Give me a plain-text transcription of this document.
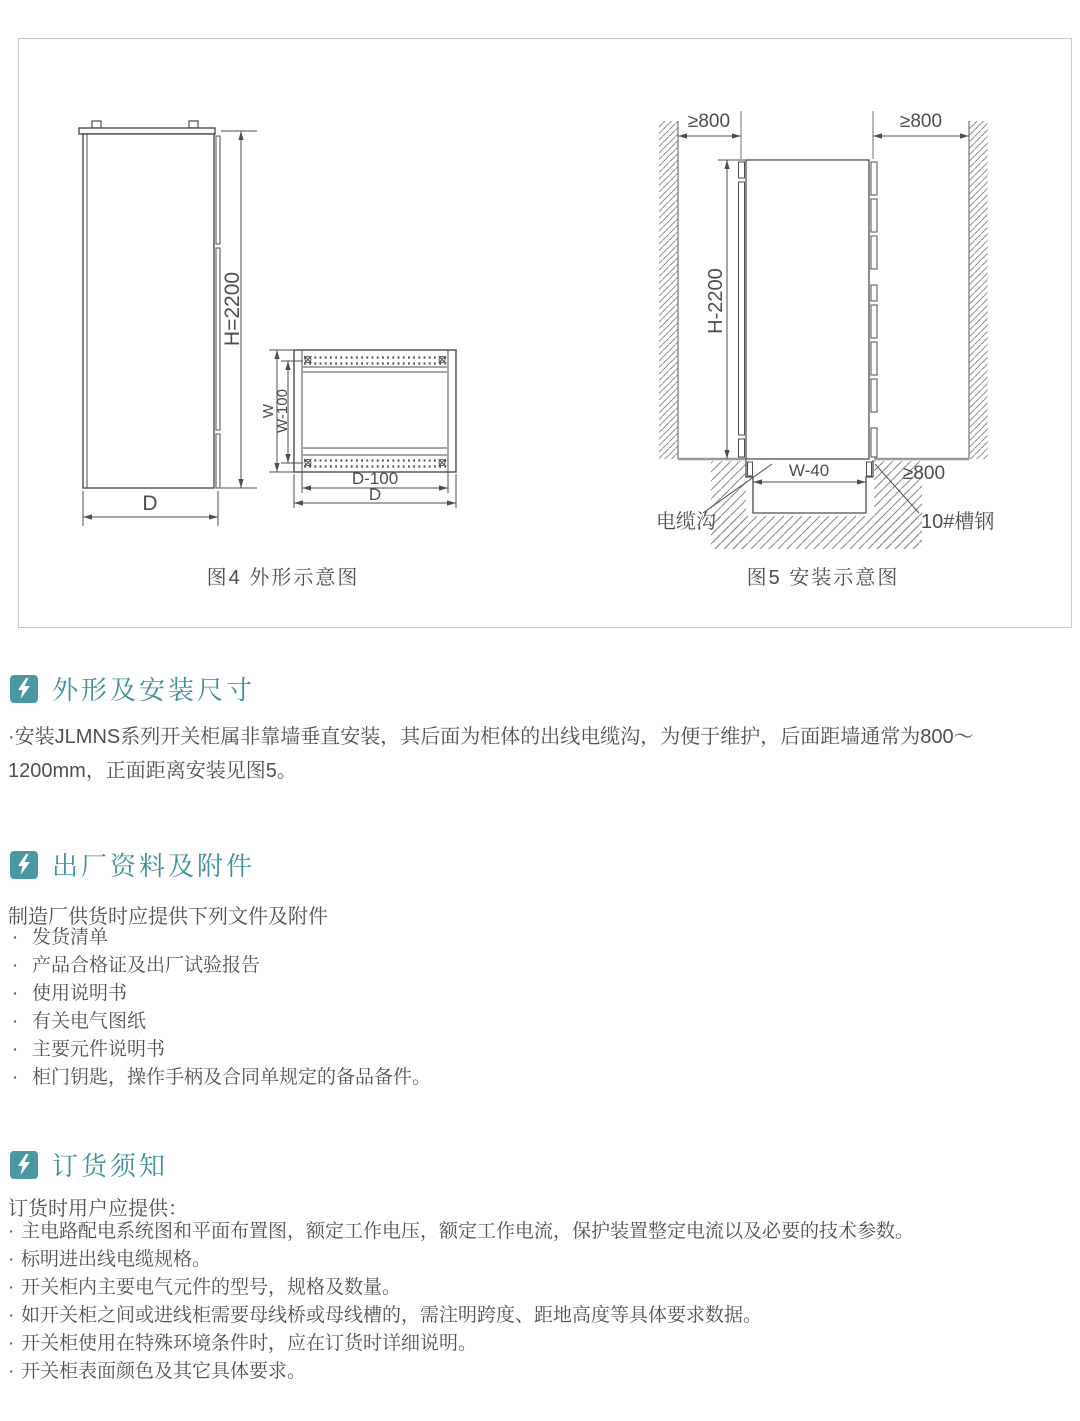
H=2200
D
W
W-100
D-100
D
图4 外形示意图
≥800	≥800
H-2200
W-40	≥800
电缆沟	10#槽钢
图5 安装示意图
外形及安装尺寸

·安装JLMNS系列开关柜属非靠墙垂直安装，其后面为柜体的出线电缆沟，为便于维护，后面距墙通常为800～1200mm，正面距离安装见图5。

出厂资料及附件
制造厂供货时应提供下列文件及附件
· 发货清单
· 产品合格证及出厂试验报告
· 使用说明书
· 有关电气图纸
· 主要元件说明书
· 柜门钥匙，操作手柄及合同单规定的备品备件。
订货须知
订货时用户应提供：
· 主电路配电系统图和平面布置图，额定工作电压，额定工作电流，保护装置整定电流以及必要的技术参数。
· 标明进出线电缆规格。
· 开关柜内主要电气元件的型号，规格及数量。
· 如开关柜之间或进线柜需要母线桥或母线槽的，需注明跨度、距地高度等具体要求数据。
· 开关柜使用在特殊环境条件时，应在订货时详细说明。
· 开关柜表面颜色及其它具体要求。
